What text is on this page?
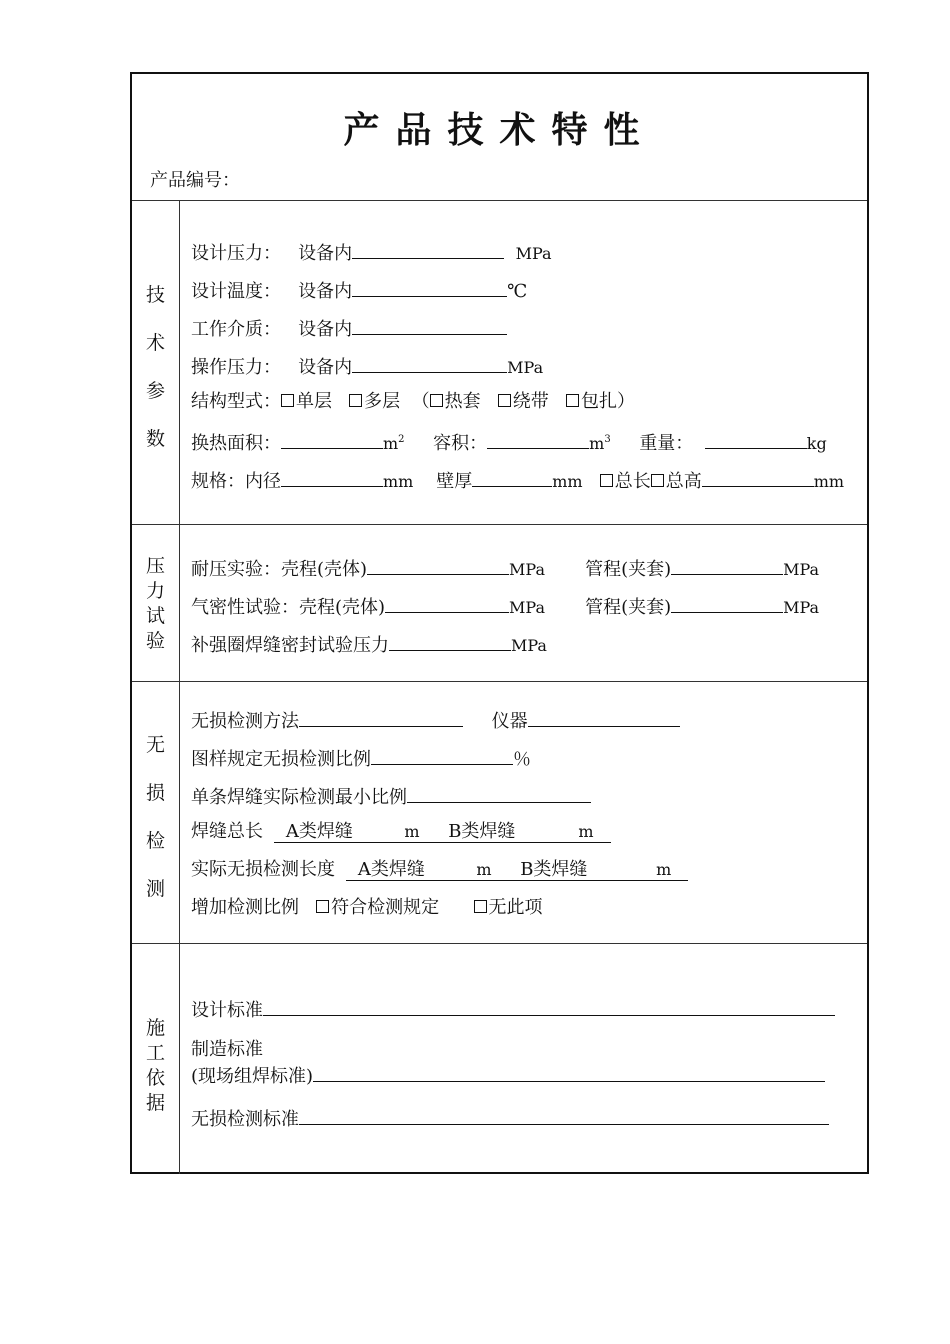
产品技术特性
产品编号：
技
术
参
数
设计压力： 设备内	MPa
设计温度： 设备内	℃
工作介质： 设备内
操作压力： 设备内	MPa
结构型式： 单层 多层 （ 热套 绕带 包扎）
换热面积：	$m^2$ 容积：	$m^3$ 重量：	kg
规格：内径	mm 壁厚	mm 总长 总高	mm
压
力
试
验
耐压实验：壳程(壳体)	MPa 管程(夹套)	MPa
气密性试验：壳程(壳体)	MPa 管程(夹套)	MPa
补强圈焊缝密封试验压力	MPa
无
损
检
测
无损检测方法	仪器
图样规定无损检测比例	％
单条焊缝实际检测最小比例
焊缝总长 A类焊缝	m B类焊缝	m
实际无损检测长度 A类焊缝	m B类焊缝	m
增加检测比例 符合检测规定	无此项
施
工
依
据
设计标准
制造标准
(现场组焊标准)
无损检测标准
